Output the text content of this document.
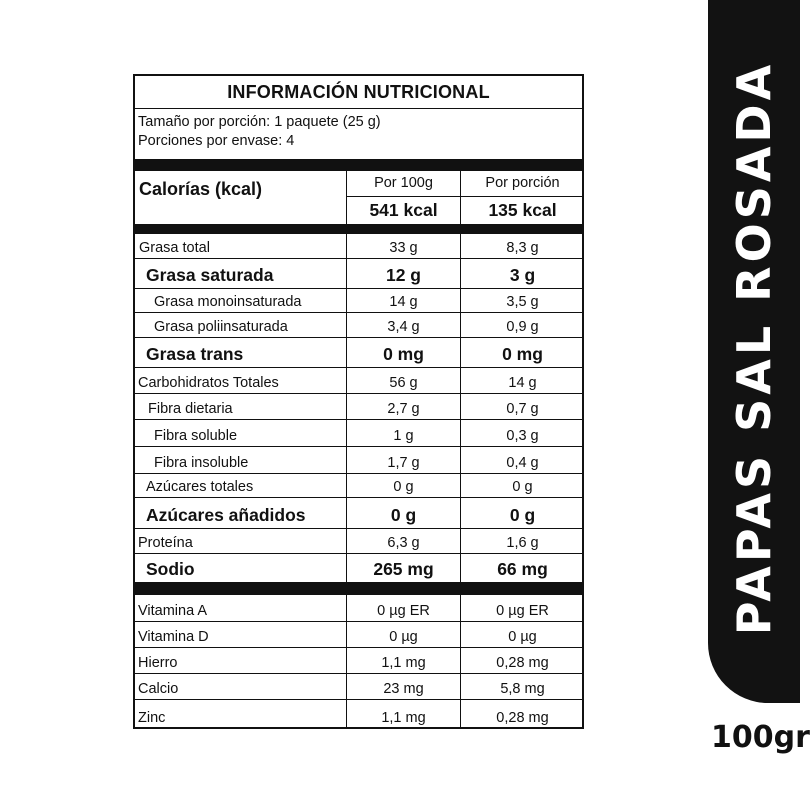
PAPAS SAL ROSADA
100gr
INFORMACIÓN NUTRICIONAL
Tamaño por porción: 1 paquete (25 g)
Porciones por envase: 4
Calorías (kcal)	Por 100g	Por porción
541 kcal	135 kcal
Grasa total	33 g	8,3 g
Grasa saturada	12 g	3 g
Grasa monoinsaturada	14 g	3,5 g
Grasa poliinsaturada	3,4 g	0,9 g
Grasa trans	0 mg	0 mg
Carbohidratos Totales	56 g	14 g
Fibra dietaria	2,7 g	0,7 g
Fibra soluble	1 g	0,3 g
Fibra insoluble	1,7 g	0,4 g
Azúcares totales	0 g	0 g
Azúcares añadidos	0 g	0 g
Proteína	6,3 g	1,6 g
Sodio	265 mg	66 mg
Vitamina A	0 µg ER	0 µg ER
Vitamina D	0 µg	0 µg
Hierro	1,1 mg	0,28 mg
Calcio	23 mg	5,8 mg
Zinc	1,1 mg	0,28 mg
